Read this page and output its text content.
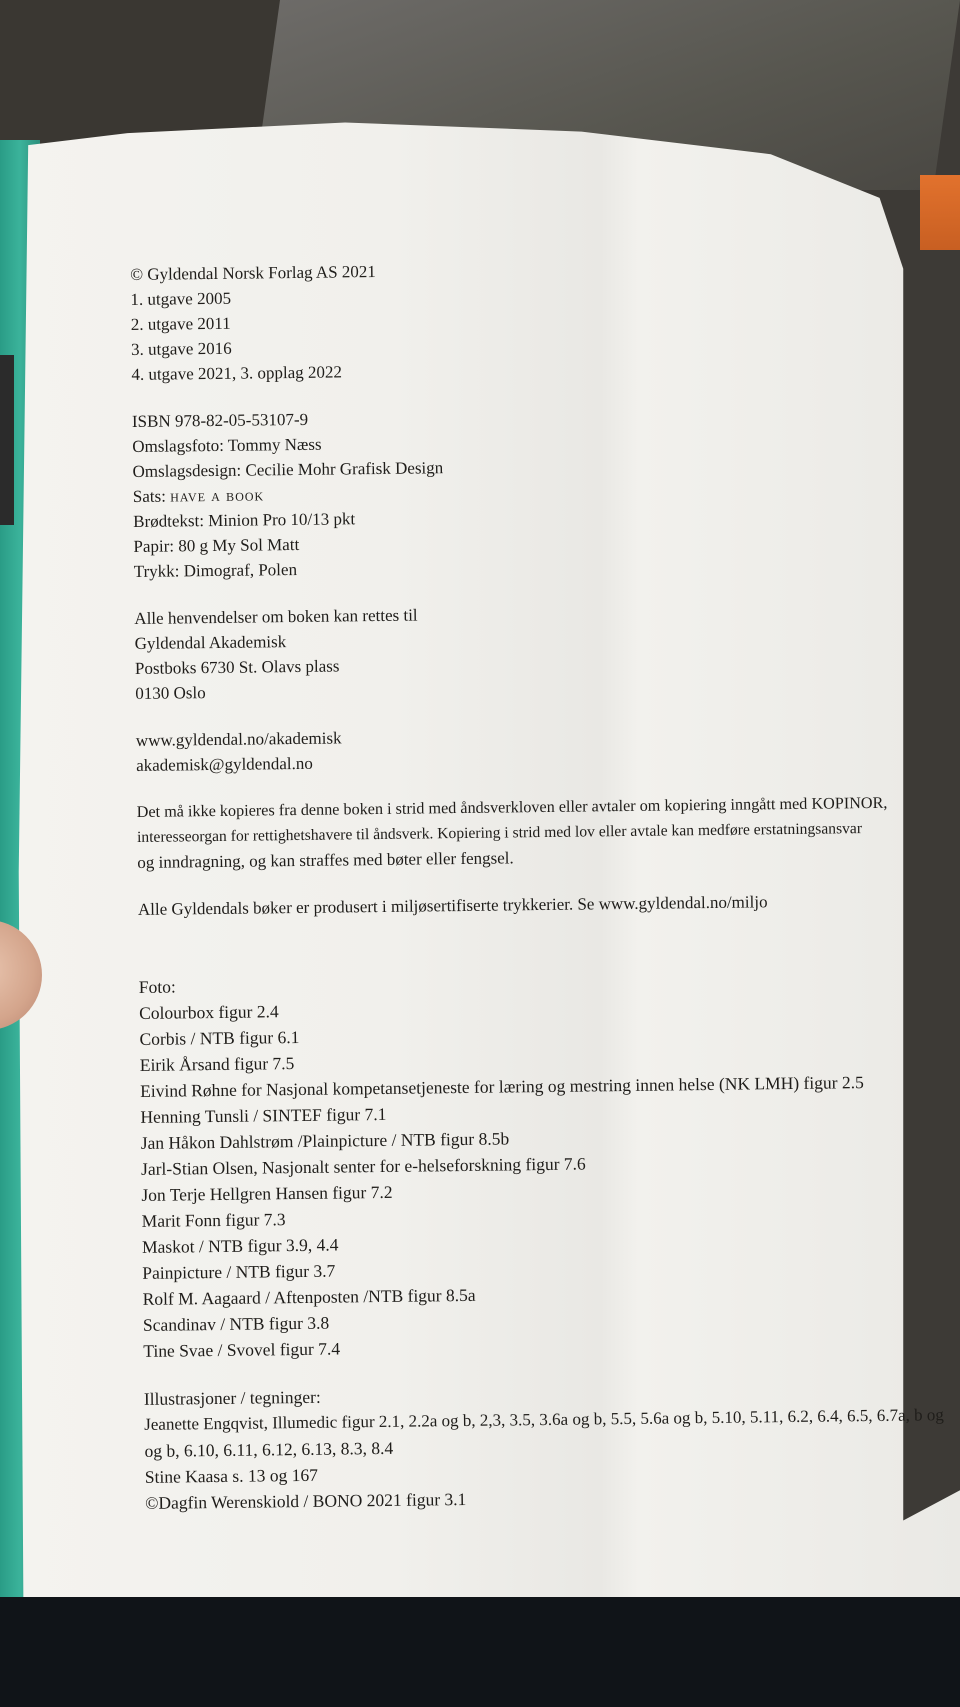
© Gyldendal Norsk Forlag AS 2021
1. utgave 2005
2. utgave 2011
3. utgave 2016
4. utgave 2021, 3. opplag 2022
ISBN 978-82-05-53107-9
Omslagsfoto: Tommy Næss
Omslagsdesign: Cecilie Mohr Grafisk Design
Sats: have a book
Brødtekst: Minion Pro 10/13 pkt
Papir: 80 g My Sol Matt
Trykk: Dimograf, Polen
Alle henvendelser om boken kan rettes til
Gyldendal Akademisk
Postboks 6730 St. Olavs plass
0130 Oslo
www.gyldendal.no/akademisk
akademisk@gyldendal.no
Det må ikke kopieres fra denne boken i strid med åndsverkloven eller avtaler om kopiering inngått med KOPINOR,
interesseorgan for rettighetshavere til åndsverk. Kopiering i strid med lov eller avtale kan medføre erstatningsansvar
og inndragning, og kan straffes med bøter eller fengsel.
Alle Gyldendals bøker er produsert i miljøsertifiserte trykkerier. Se www.gyldendal.no/miljo
Foto:
Colourbox figur 2.4
Corbis / NTB figur 6.1
Eirik Årsand figur 7.5
Eivind Røhne for Nasjonal kompetansetjeneste for læring og mestring innen helse (NK LMH) figur 2.5
Henning Tunsli / SINTEF figur 7.1
Jan Håkon Dahlstrøm /Plainpicture / NTB figur 8.5b
Jarl-Stian Olsen, Nasjonalt senter for e-helseforskning figur 7.6
Jon Terje Hellgren Hansen figur 7.2
Marit Fonn figur 7.3
Maskot / NTB figur 3.9, 4.4
Painpicture / NTB figur 3.7
Rolf M. Aagaard / Aftenposten /NTB figur 8.5a
Scandinav / NTB figur 3.8
Tine Svae / Svovel figur 7.4
Illustrasjoner / tegninger:
Jeanette Engqvist, Illumedic figur 2.1, 2.2a og b, 2,3, 3.5, 3.6a og b, 5.5, 5.6a og b, 5.10, 5.11, 6.2, 6.4, 6.5, 6.7a, b og
og b, 6.10, 6.11, 6.12, 6.13, 8.3, 8.4
Stine Kaasa s. 13 og 167
©Dagfin Werenskiold / BONO 2021 figur 3.1
